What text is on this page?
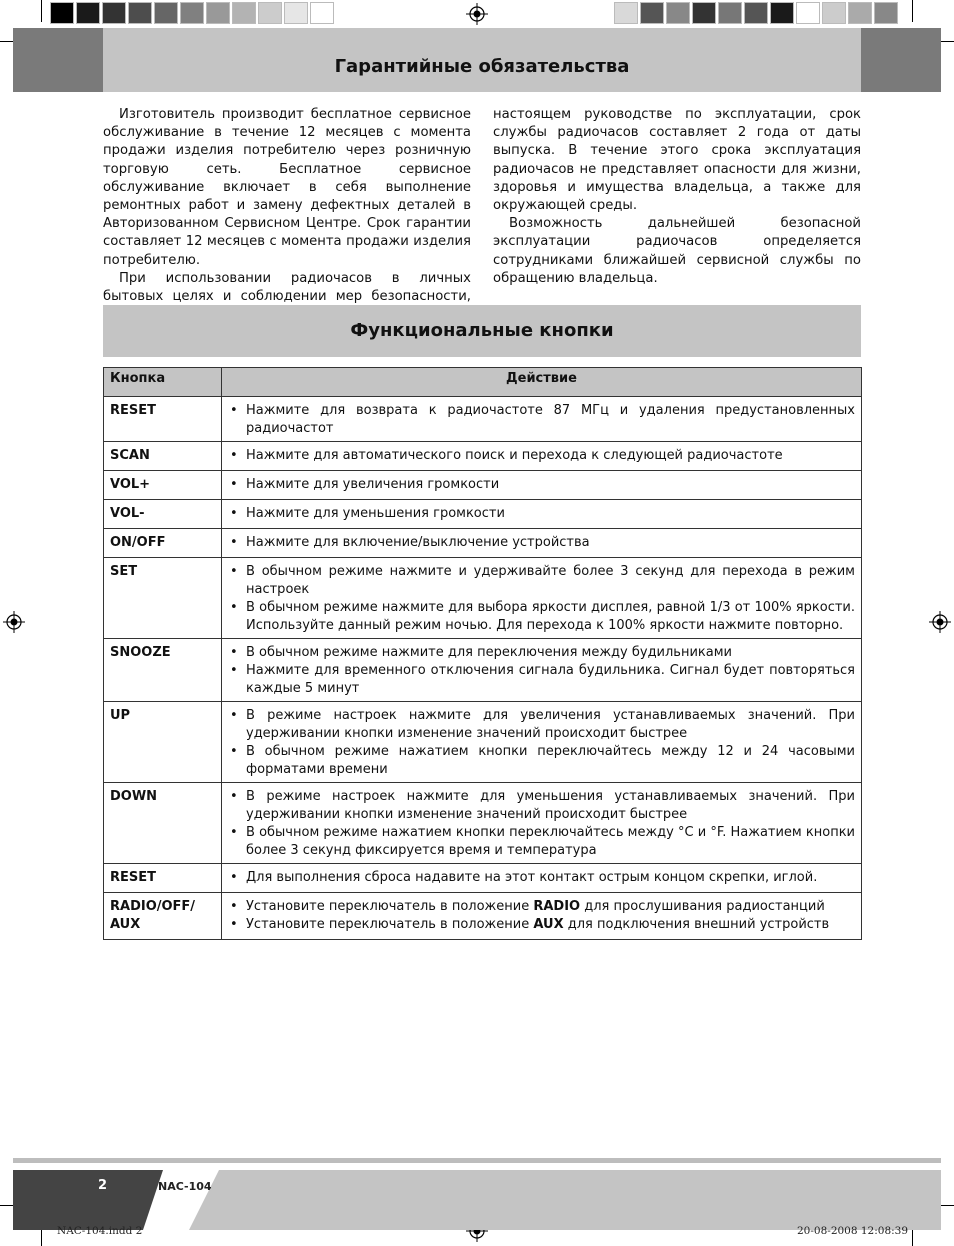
Гарантийные обязательства

Изготовитель производит бесплатное сервисное обслуживание в течение 12 месяцев с момента продажи изделия потребителю через розничную торговую сеть. Бесплатное сервисное обслуживание включает в себя выполнение ремонтных работ и замену дефектных деталей в Авторизованном Сервисном Центре. Срок гарантии составляет 12 месяцев с момента продажи изделия потребителю.

При использовании радиочасов в личных бытовых целях и соблюдении мер безопасности,

настоящем руководстве по эксплуатации, срок службы радиочасов составляет 2 года от даты выпуска. В течение этого срока эксплуатация радиочасов не представляет опасности для жизни, здоровья и имущества владельца, а также для окружающей среды.

Возможность дальнейшей безопасной эксплуатации радиочасов определяется сотрудниками ближайшей сервисной службы по обращению владельца.

Функциональные кнопки
Кнопка	Действие
RESET	• Нажмите для возврата к радиочастоте 87 МГц и удаления предустановленных радиочастот

SCAN	• Нажмите для автоматического поиск и перехода к следующей радиочастоте

VOL+	• Нажмите для увеличения громкости

VOL-	• Нажмите для уменьшения громкости

ON/OFF	• Нажмите для включение/выключение устройства

SET	• В обычном режиме нажмите и удерживайте более 3 секунд для перехода в режим настроек
• В обычном режиме нажмите для выбора яркости дисплея, равной 1/3 от 100% яркости. Используйте данный режим ночью. Для перехода к 100% яркости нажмите повторно.

SNOOZE	• В обычном режиме нажмите для переключения между будильниками
• Нажмите для временного отключения сигнала будильника. Сигнал будет повторяться каждые 5 минут

UP	• В режиме настроек нажмите для увеличения устанавливаемых значений. При удерживании кнопки изменение значений происходит быстрее
• В обычном режиме нажатием кнопки переключайтесь между 12 и 24 часовыми форматами времени

DOWN	• В режиме настроек нажмите для уменьшения устанавливаемых значений. При удерживании кнопки изменение значений происходит быстрее
• В обычном режиме нажатием кнопки переключайтесь между °С и °F. Нажатием кнопки более 3 секунд фиксируется время и температура

RESET	• Для выполнения сброса надавите на этот контакт острым концом скрепки, иглой.

RADIO/OFF/ AUX	• Установите переключатель в положение RADIO для прослушивания радиостанций
• Установите переключатель в положение AUX для подключения внешний устройств
2	NAC-104
NAC-104.indd 2	20-08-2008 12:08:39
